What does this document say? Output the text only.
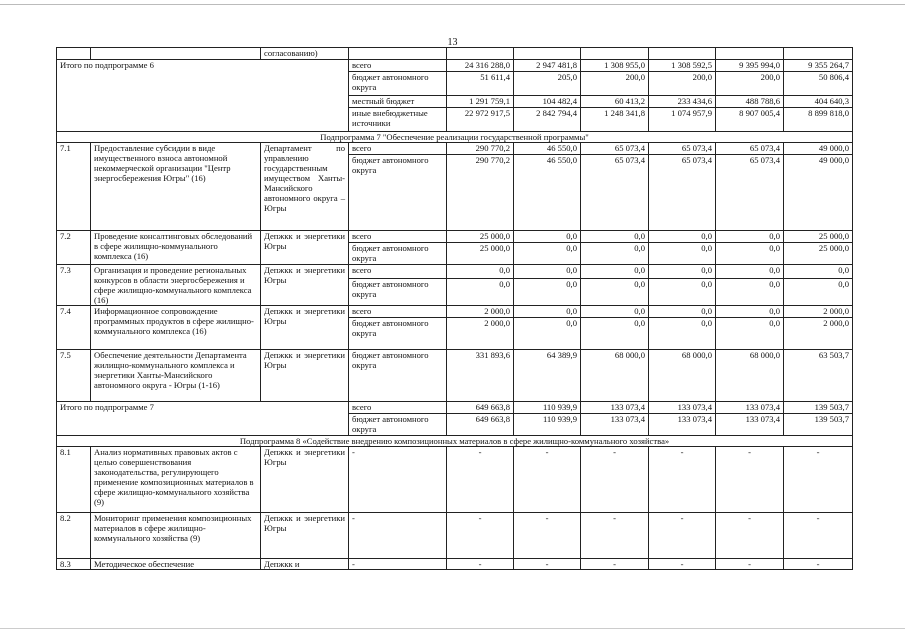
13
		согласованию)							
Итого по подпрограмме 6			всего	24 316 288,0	2 947 481,8	1 308 955,0	1 308 592,5	9 395 994,0	9 355 264,7
			бюджет автономного округа	51 611,4	205,0	200,0	200,0	200,0	50 806,4
			местный бюджет	1 291 759,1	104 482,4	60 413,2	233 434,6	488 788,6	404 640,3
			иные внебюджетные источники	22 972 917,5	2 842 794,4	1 248 341,8	1 074 957,9	8 907 005,4	8 899 818,0
Подпрограмма 7 "Обеспечение реализации государственной программы"									
7.1	Предоставление субсидии в виде имущественного взноса автономной некоммерческой организации "Центр энергосбережения Югры" (16)	Департамент по управлению государственным имуществом Ханты-Мансийского автономного округа – Югры	всего	290 770,2	46 550,0	65 073,4	65 073,4	65 073,4	49 000,0
			бюджет автономного округа	290 770,2	46 550,0	65 073,4	65 073,4	65 073,4	49 000,0
7.2	Проведение консалтинговых обследований в сфере жилищно-коммунального комплекса (16)	Депжкк и энергетики Югры	всего	25 000,0	0,0	0,0	0,0	0,0	25 000,0
			бюджет автономного округа	25 000,0	0,0	0,0	0,0	0,0	25 000,0
7.3	Организация и проведение региональных конкурсов в области энергосбережения и сфере жилищно-коммунального комплекса (16)	Депжкк и энергетики Югры	всего	0,0	0,0	0,0	0,0	0,0	0,0
			бюджет автономного округа	0,0	0,0	0,0	0,0	0,0	0,0
7.4	Информационное сопровождение программных продуктов в сфере жилищно-коммунального комплекса (16)	Депжкк и энергетики Югры	всего	2 000,0	0,0	0,0	0,0	0,0	2 000,0
			бюджет автономного округа	2 000,0	0,0	0,0	0,0	0,0	2 000,0
7.5	Обеспечение деятельности Департамента жилищно-коммунального комплекса и энергетики Ханты-Мансийского автономного округа - Югры (1-16)	Депжкк и энергетики Югры	бюджет автономного округа	331 893,6	64 389,9	68 000,0	68 000,0	68 000,0	63 503,7
Итого по подпрограмме 7			всего	649 663,8	110 939,9	133 073,4	133 073,4	133 073,4	139 503,7
			бюджет автономного округа	649 663,8	110 939,9	133 073,4	133 073,4	133 073,4	139 503,7
Подпрограмма 8 «Содействие внедрению композиционных материалов в сфере жилищно-коммунального хозяйства»									
8.1	Анализ нормативных правовых актов с целью совершенствования законодательства, регулирующего применение композиционных материалов в сфере жилищно-коммунального хозяйства (9)	Депжкк и энергетики Югры	-	-	-	-	-	-	-
8.2	Мониторинг применения композиционных материалов в сфере жилищно-коммунального хозяйства (9)	Депжкк и энергетики Югры	-	-	-	-	-	-	-
8.3	Методическое обеспечение	Депжкк и	-	-	-	-	-	-	-
